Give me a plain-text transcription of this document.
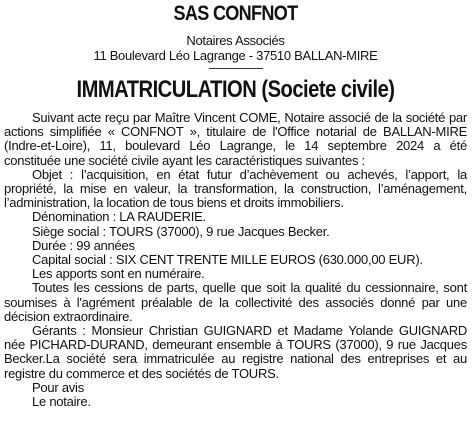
SAS CONFNOT
Notaires Associés
11 Boulevard Léo Lagrange - 37510 BALLAN-MIRE
IMMATRICULATION (Societe civile)

Suivant acte reçu par Maître Vincent COME, Notaire associé de la société par actions simplifiée « CONFNOT », titulaire de l'Office notarial de BALLAN-MIRE (Indre-et-Loire), 11, boulevard Léo Lagrange, le 14 septembre 2024 a été constituée une société civile ayant les caractéristiques suivantes :

Objet : l’acquisition, en état futur d’achèvement ou achevés, l’apport, la propriété, la mise en valeur, la transformation, la construction, l’aménagement, l’administration, la location de tous biens et droits immobiliers.

Dénomination : LA RAUDERIE.

Siège social : TOURS (37000), 9 rue Jacques Becker.

Durée : 99 années

Capital social : SIX CENT TRENTE MILLE EUROS (630.000,00 EUR).

Les apports sont en numéraire.

Toutes les cessions de parts, quelle que soit la qualité du cessionnaire, sont soumises à l'agrément préalable de la collectivité des associés donné par une décision extraordinaire.

Gérants : Monsieur Christian GUIGNARD et Madame Yolande GUIGNARD née PICHARD-DURAND, demeurant ensemble à TOURS (37000), 9 rue Jacques Becker.La société sera immatriculée au registre national des entreprises et au registre du commerce et des sociétés de TOURS.

Pour avis

Le notaire.
